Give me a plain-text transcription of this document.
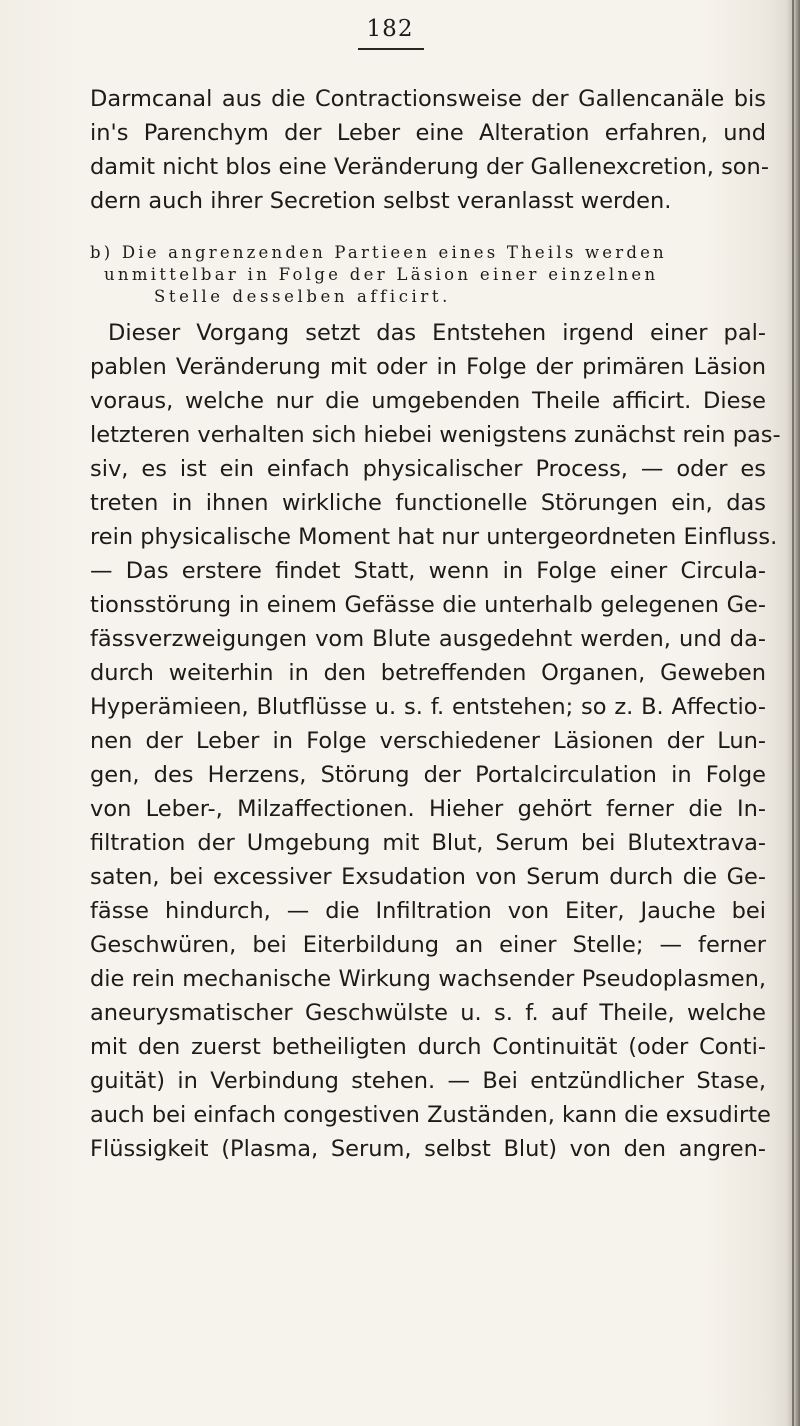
182
Darmcanal aus die Contractionsweise der Gallencanäle bis
in's Parenchym der Leber eine Alteration erfahren, und
damit nicht blos eine Veränderung der Gallenexcretion, son-
dern auch ihrer Secretion selbst veranlasst werden.
b) Die angrenzenden Partieen eines Theils werden
unmittelbar in Folge der Läsion einer einzelnen
Stelle desselben afficirt.
Dieser Vorgang setzt das Entstehen irgend einer pal-
pablen Veränderung mit oder in Folge der primären Läsion
voraus, welche nur die umgebenden Theile afficirt. Diese
letzteren verhalten sich hiebei wenigstens zunächst rein pas-
siv, es ist ein einfach physicalischer Process, — oder es
treten in ihnen wirkliche functionelle Störungen ein, das
rein physicalische Moment hat nur untergeordneten Einfluss.
— Das erstere findet Statt, wenn in Folge einer Circula-
tionsstörung in einem Gefässe die unterhalb gelegenen Ge-
fässverzweigungen vom Blute ausgedehnt werden, und da-
durch weiterhin in den betreffenden Organen, Geweben
Hyperämieen, Blutflüsse u. s. f. entstehen; so z. B. Affectio-
nen der Leber in Folge verschiedener Läsionen der Lun-
gen, des Herzens, Störung der Portalcirculation in Folge
von Leber-, Milzaffectionen. Hieher gehört ferner die In-
filtration der Umgebung mit Blut, Serum bei Blutextrava-
saten, bei excessiver Exsudation von Serum durch die Ge-
fässe hindurch, — die Infiltration von Eiter, Jauche bei
Geschwüren, bei Eiterbildung an einer Stelle; — ferner
die rein mechanische Wirkung wachsender Pseudoplasmen,
aneurysmatischer Geschwülste u. s. f. auf Theile, welche
mit den zuerst betheiligten durch Continuität (oder Conti-
guität) in Verbindung stehen. — Bei entzündlicher Stase,
auch bei einfach congestiven Zuständen, kann die exsudirte
Flüssigkeit (Plasma, Serum, selbst Blut) von den angren-
